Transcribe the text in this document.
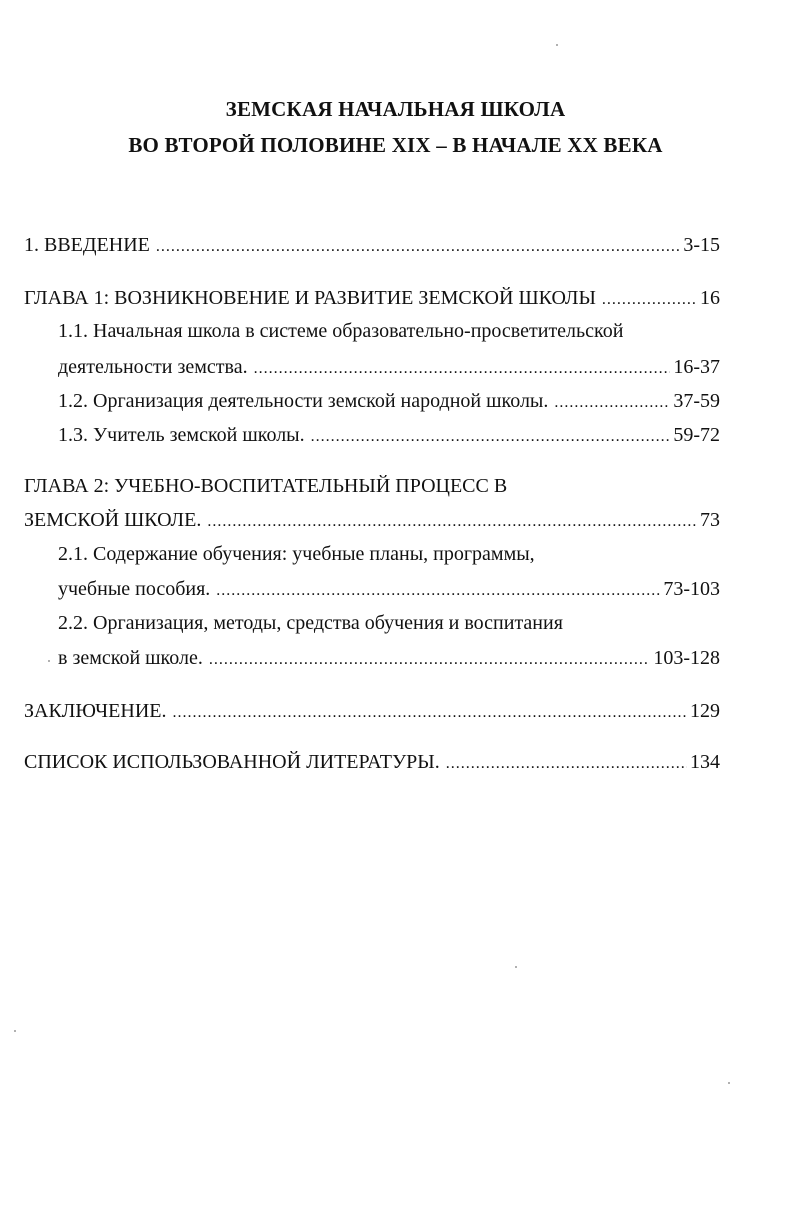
ЗЕМСКАЯ НАЧАЛЬНАЯ ШКОЛА
ВО ВТОРОЙ ПОЛОВИНЕ XIX – В НАЧАЛЕ XX ВЕКА
1. ВВЕДЕНИЕ .....	3-15
ГЛАВА 1: ВОЗНИКНОВЕНИЕ И РАЗВИТИЕ ЗЕМСКОЙ ШКОЛЫ .....	16
1.1. Начальная школа в системе образовательно-просветительской
деятельности земства. .....	16-37
1.2. Организация деятельности земской народной школы. .....	37-59
1.3. Учитель земской школы. .....	59-72
ГЛАВА 2: УЧЕБНО-ВОСПИТАТЕЛЬНЫЙ ПРОЦЕСС В
ЗЕМСКОЙ ШКОЛЕ. .....	73
2.1. Содержание обучения: учебные планы, программы,
учебные пособия. .....	73-103
2.2. Организация, методы, средства обучения и воспитания
в земской школе. .....	103-128
ЗАКЛЮЧЕНИЕ. .....	129
СПИСОК ИСПОЛЬЗОВАННОЙ ЛИТЕРАТУРЫ. .....	134
